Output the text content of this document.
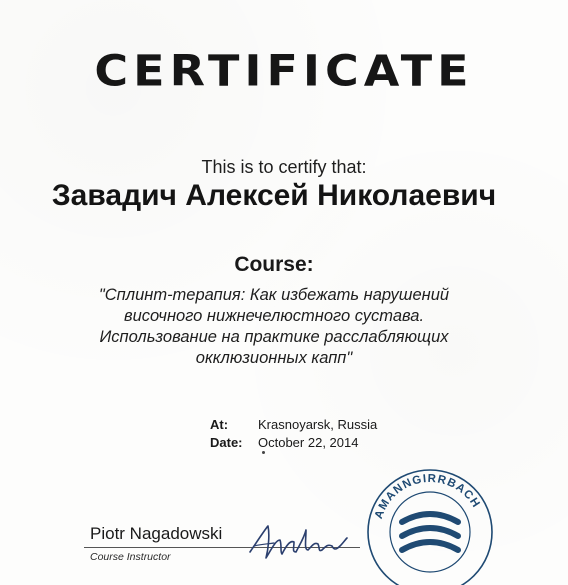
CERTIFICATE
This is to certify that:
Завадич Алексей Николаевич
Course:
"Сплинт-терапия: Как избежать нарушений
височного нижнечелюстного сустава.
Использование на практике расслабляющих
окклюзионных капп"
At:	Krasnoyarsk, Russia
Date:	October 22, 2014
Piotr Nagadowski
Course Instructor
AMANNGIRRBACH
